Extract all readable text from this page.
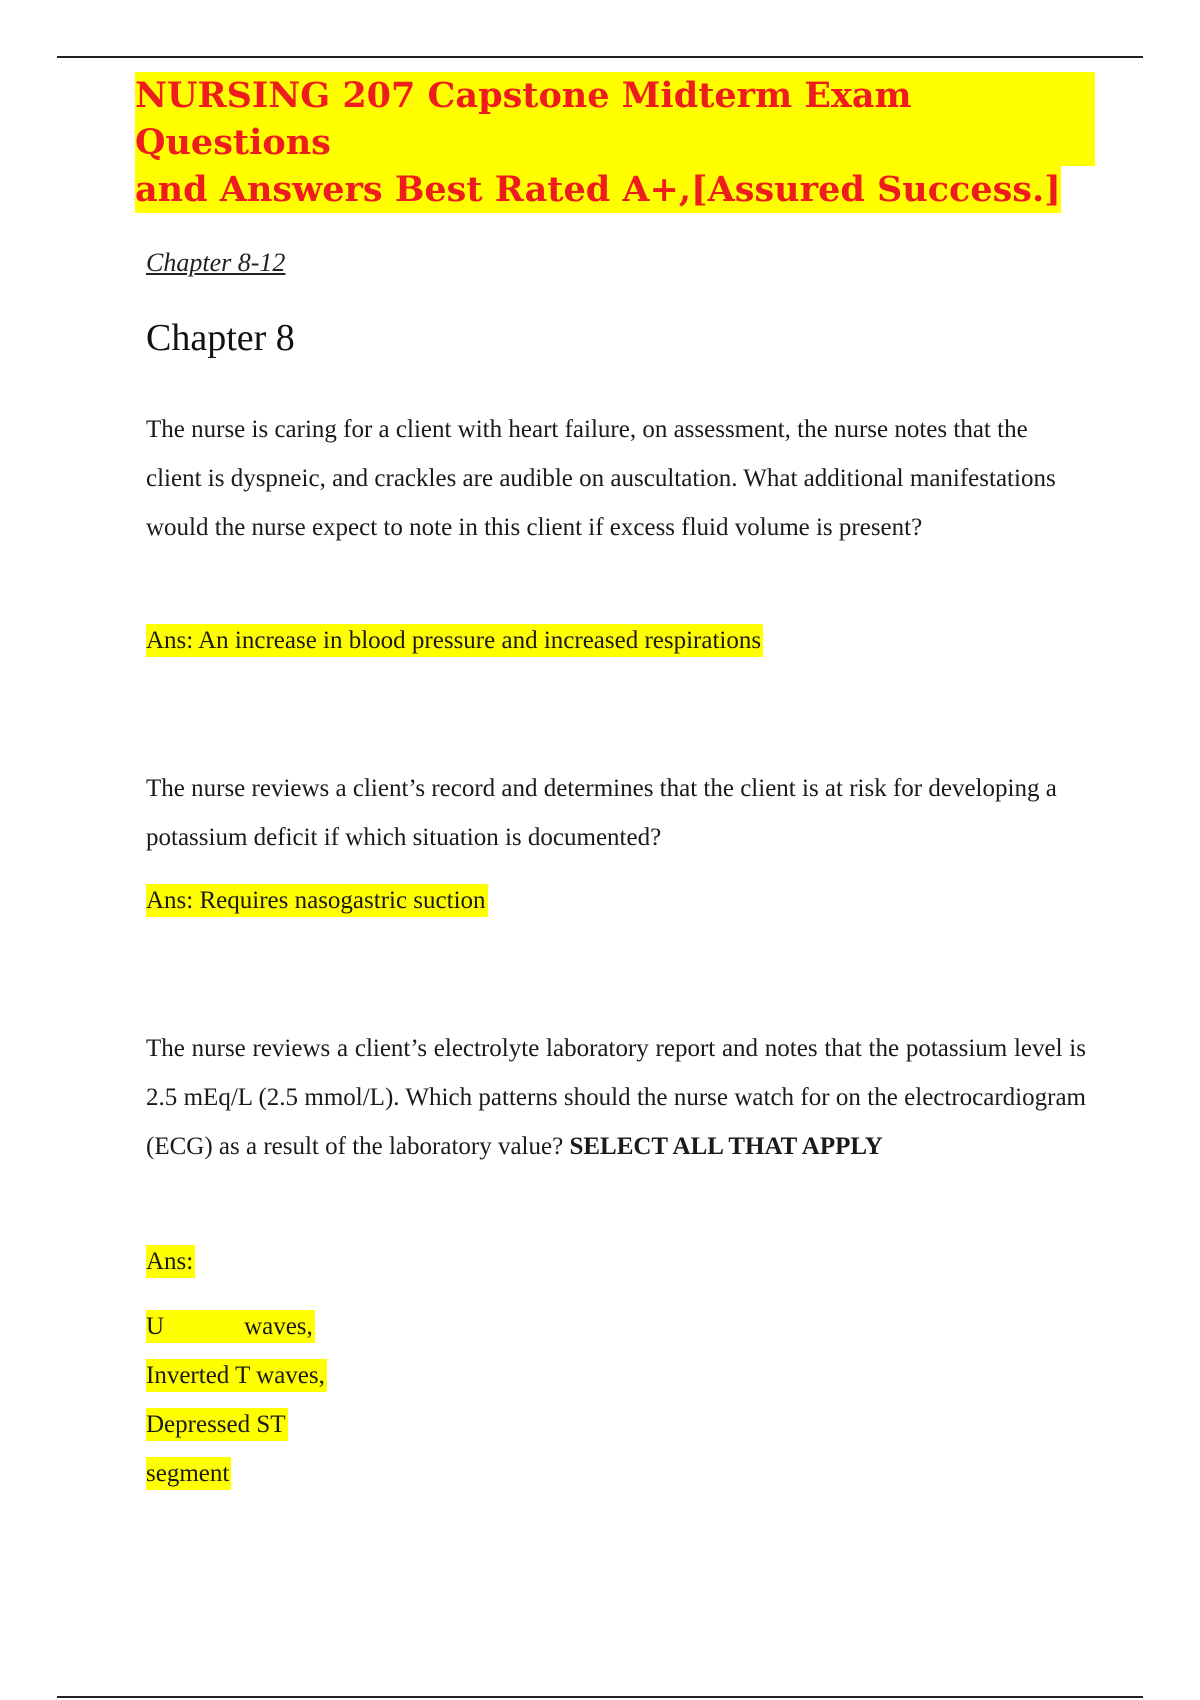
NURSING 207 Capstone Midterm Exam Questions
and Answers Best Rated A+,[Assured Success.]

Chapter 8-12

Chapter 8

The nurse is caring for a client with heart failure, on assessment, the nurse notes that the client is dyspneic, and crackles are audible on auscultation. What additional manifestations would the nurse expect to note in this client if excess fluid volume is present?

Ans: An increase in blood pressure and increased respirations

The nurse reviews a client’s record and determines that the client is at risk for developing a potassium deficit if which situation is documented?

Ans: Requires nasogastric suction

The nurse reviews a client’s electrolyte laboratory report and notes that the potassium level is 2.5 mEq/L (2.5 mmol/L). Which patterns should the nurse watch for on the electrocardiogram (ECG) as a result of the laboratory value? SELECT ALL THAT APPLY

Ans:

U	waves,
Inverted T waves,
Depressed ST
segment
